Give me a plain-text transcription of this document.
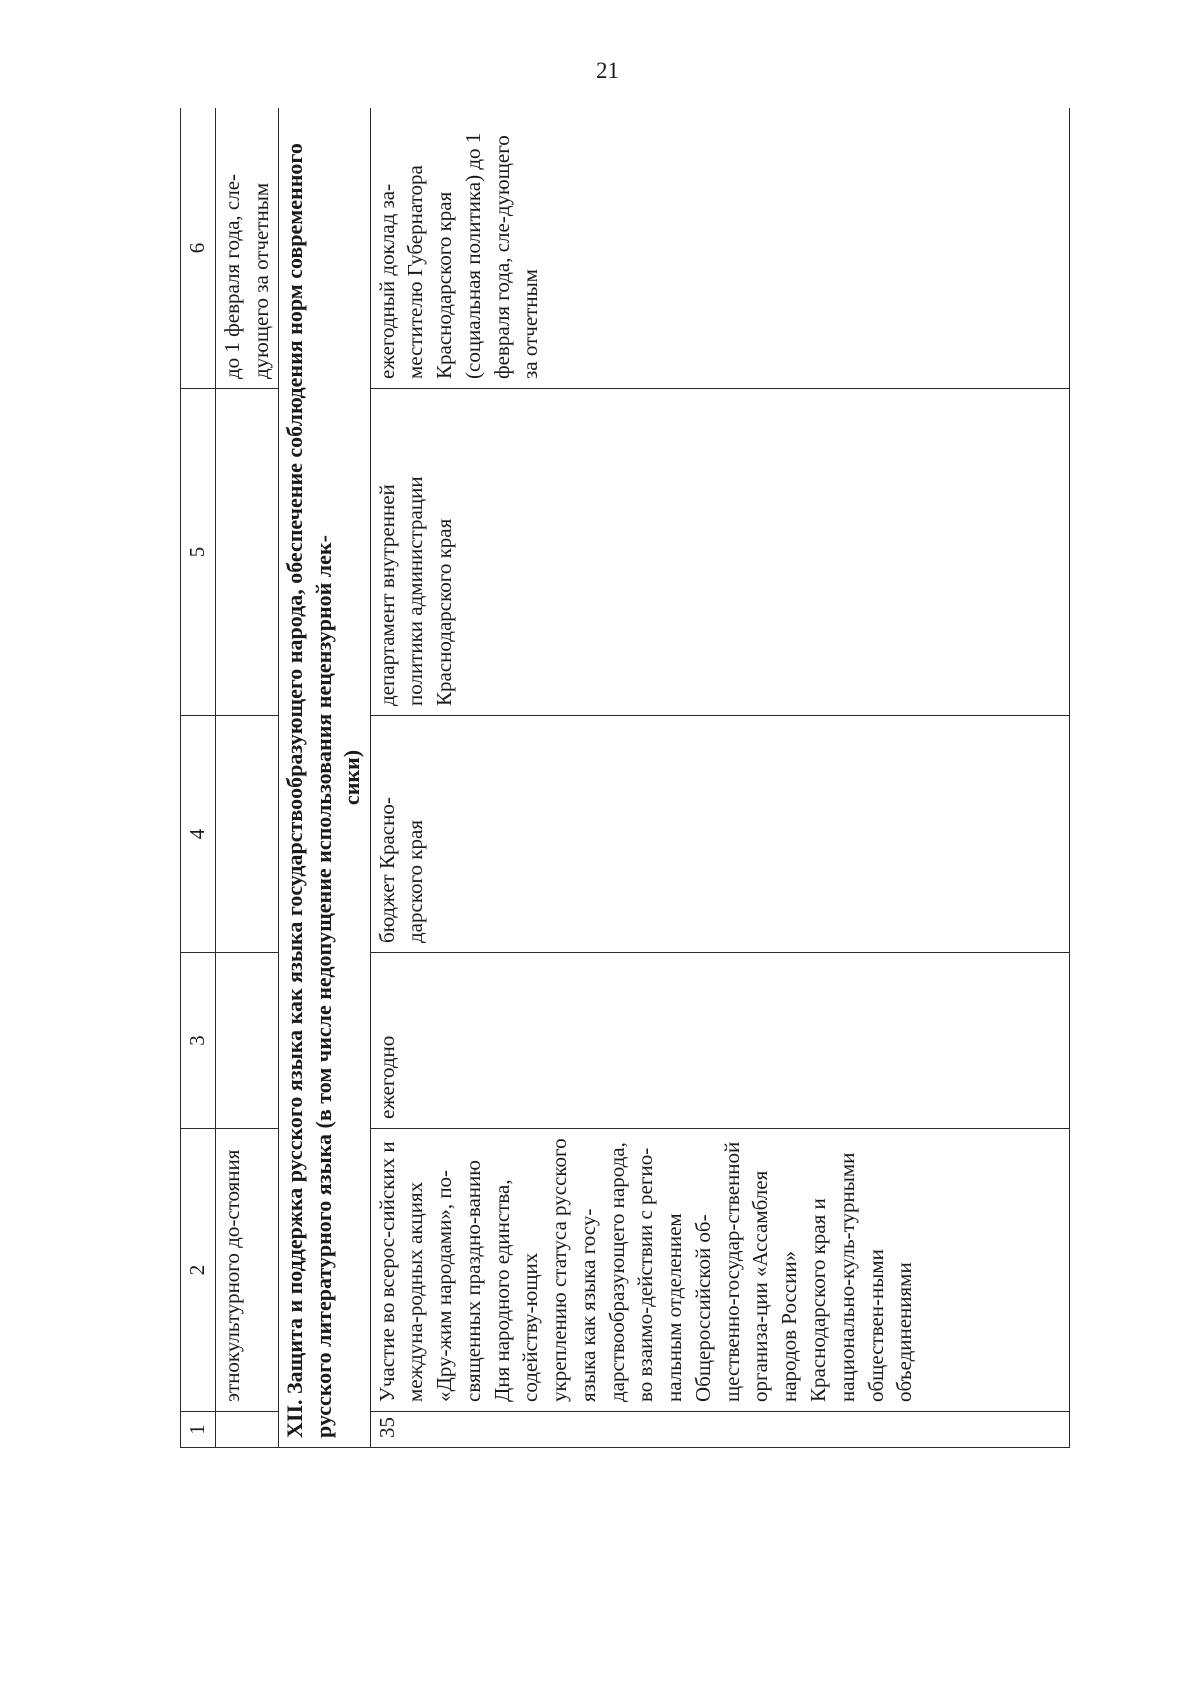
21
1	2	3	4	5	6
	этнокультурного до-стояния				до 1 февраля года, сле-дующего за отчетным

XII. Защита и поддержка русского языка как языка государствообразующего народа, обеспечение соблюдения норм современного русского литературного языка (в том числе недопущение использования нецензурной лек- сики)					

35	Участие во всерос-сийских и междуна-родных акциях «Дру-жим народами», по-священных праздно-ванию Дня народного единства, содейству-ющих укреплению статуса русского языка как языка госу-дарствообразующего народа, во взаимо-действии с регио-нальным отделением Общероссийской об-щественно-государ-ственной организа-ции «Ассамблея народов России» Краснодарского края и национально-куль-турными обществен-ными объединениями	ежегодно	бюджет Красно-дарского края	департамент внутренней политики администрации Краснодарского края	ежегодный доклад за-местителю Губернатора Краснодарского края (социальная политика) до 1 февраля года, сле-дующего за отчетным
